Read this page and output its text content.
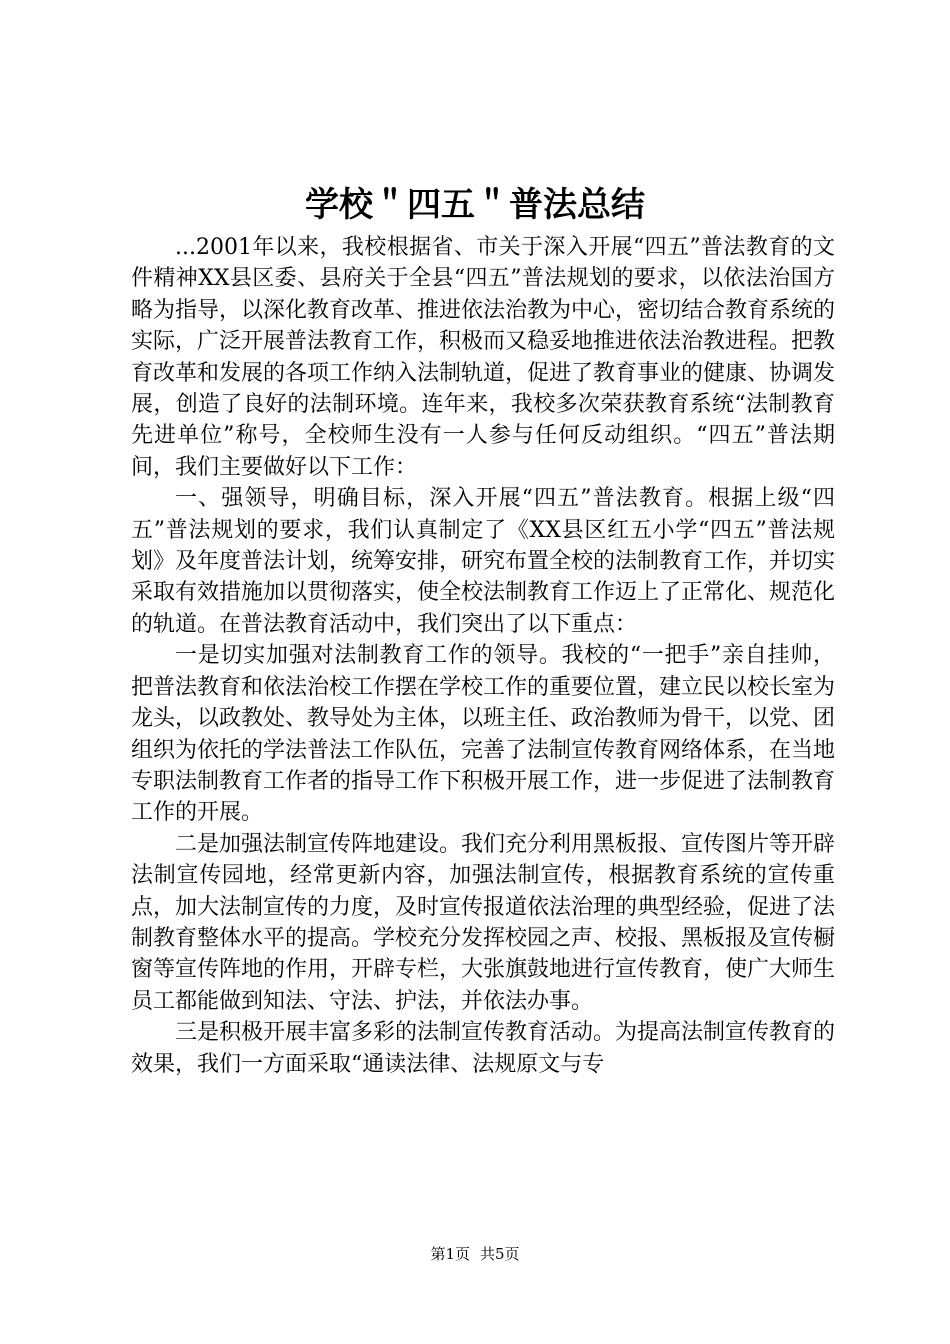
学校＂四五＂普法总结

...2001年以来，我校根据省、市关于深入开展“四五”普法教育的文件精神XX县区委、县府关于全县“四五”普法规划的要求，以依法治国方略为指导，以深化教育改革、推进依法治教为中心，密切结合教育系统的实际，广泛开展普法教育工作，积极而又稳妥地推进依法治教进程。把教育改革和发展的各项工作纳入法制轨道，促进了教育事业的健康、协调发展，创造了良好的法制环境。连年来，我校多次荣获教育系统“法制教育先进单位”称号，全校师生没有一人参与任何反动组织。“四五”普法期间，我们主要做好以下工作：

一、强领导，明确目标，深入开展“四五”普法教育。根据上级“四五”普法规划的要求，我们认真制定了《XX县区红五小学“四五”普法规划》及年度普法计划，统筹安排，研究布置全校的法制教育工作，并切实采取有效措施加以贯彻落实，使全校法制教育工作迈上了正常化、规范化的轨道。在普法教育活动中，我们突出了以下重点：

一是切实加强对法制教育工作的领导。我校的“一把手”亲自挂帅，把普法教育和依法治校工作摆在学校工作的重要位置，建立民以校长室为龙头，以政教处、教导处为主体，以班主任、政治教师为骨干，以党、团组织为依托的学法普法工作队伍，完善了法制宣传教育网络体系，在当地专职法制教育工作者的指导工作下积极开展工作，进一步促进了法制教育工作的开展。

二是加强法制宣传阵地建设。我们充分利用黑板报、宣传图片等开辟法制宣传园地，经常更新内容，加强法制宣传，根据教育系统的宣传重点，加大法制宣传的力度，及时宣传报道依法治理的典型经验，促进了法制教育整体水平的提高。学校充分发挥校园之声、校报、黑板报及宣传橱窗等宣传阵地的作用，开辟专栏，大张旗鼓地进行宣传教育，使广大师生员工都能做到知法、守法、护法，并依法办事。

三是积极开展丰富多彩的法制宣传教育活动。为提高法制宣传教育的效果，我们一方面采取“通读法律、法规原文与专

第1页 共5页
